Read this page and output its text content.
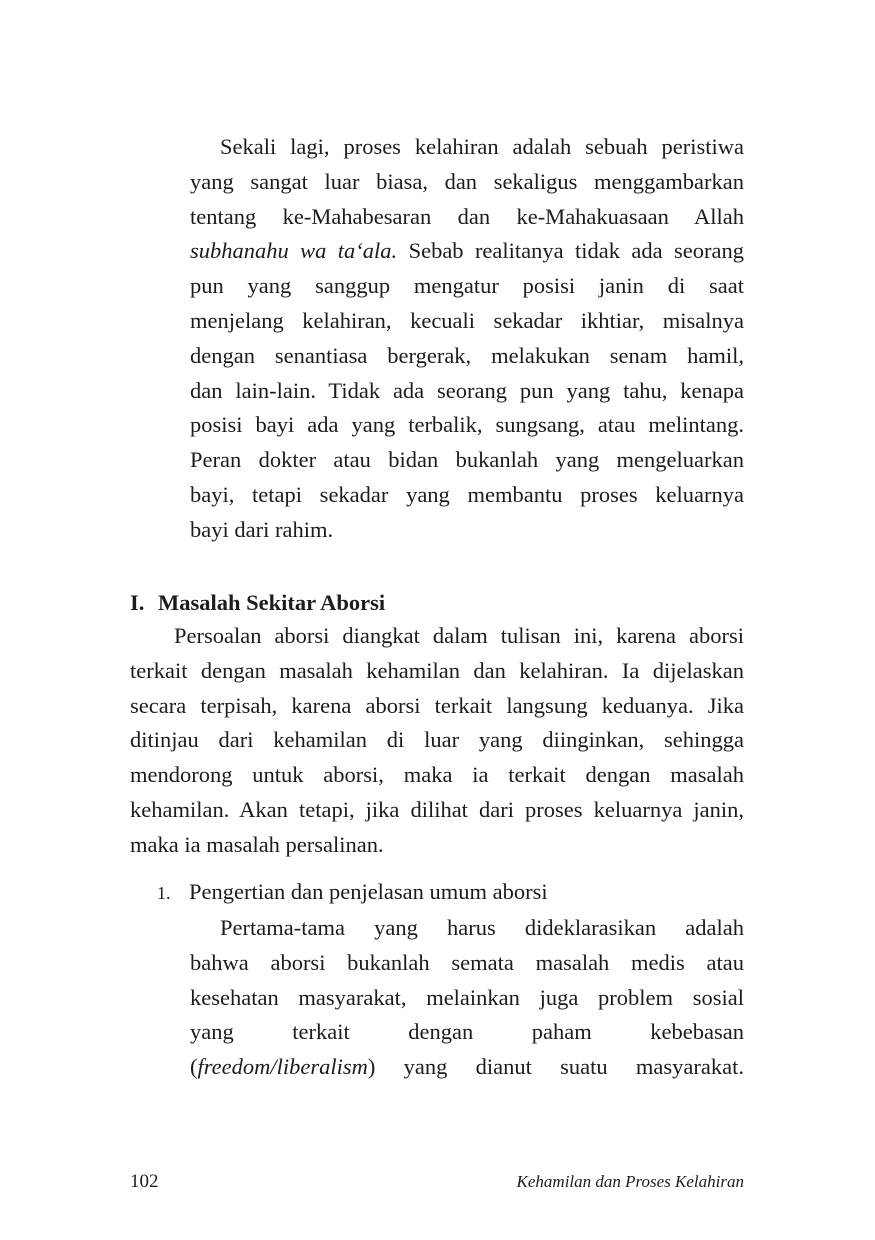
Sekali lagi, proses kelahiran adalah sebuah peristiwa
yang sangat luar biasa, dan sekaligus menggambarkan
tentang ke-Mahabesaran dan ke-Mahakuasaan Allah
subhanahu wa ta‘ala. Sebab realitanya tidak ada seorang
pun yang sanggup mengatur posisi janin di saat
menjelang kelahiran, kecuali sekadar ikhtiar, misalnya
dengan senantiasa bergerak, melakukan senam hamil,
dan lain-lain. Tidak ada seorang pun yang tahu, kenapa
posisi bayi ada yang terbalik, sungsang, atau melintang.
Peran dokter atau bidan bukanlah yang mengeluarkan
bayi, tetapi sekadar yang membantu proses keluarnya
bayi dari rahim.
I. Masalah Sekitar Aborsi
Persoalan aborsi diangkat dalam tulisan ini, karena aborsi
terkait dengan masalah kehamilan dan kelahiran. Ia dijelaskan
secara terpisah, karena aborsi terkait langsung keduanya. Jika
ditinjau dari kehamilan di luar yang diinginkan, sehingga
mendorong untuk aborsi, maka ia terkait dengan masalah
kehamilan. Akan tetapi, jika dilihat dari proses keluarnya janin,
maka ia masalah persalinan.
1. Pengertian dan penjelasan umum aborsi
Pertama-tama yang harus dideklarasikan adalah
bahwa aborsi bukanlah semata masalah medis atau
kesehatan masyarakat, melainkan juga problem sosial
yang terkait dengan paham kebebasan
(freedom/liberalism) yang dianut suatu masyarakat.
102	Kehamilan dan Proses Kelahiran
